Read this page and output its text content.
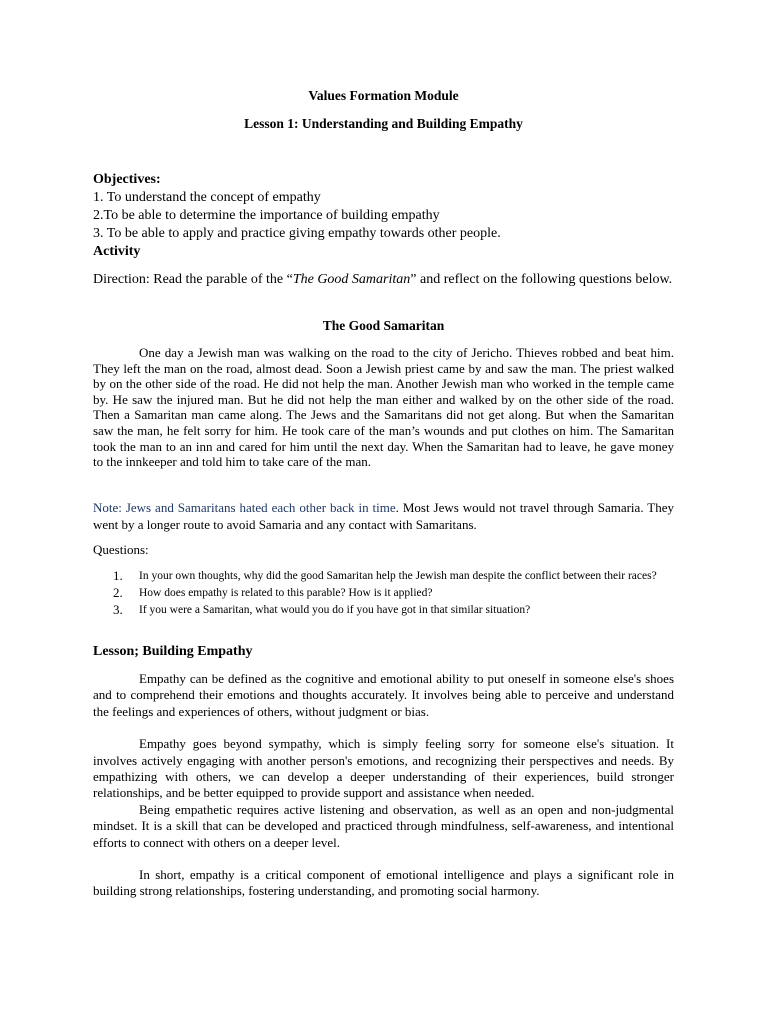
Values Formation Module
Lesson 1: Understanding and Building Empathy
Objectives:
1. To understand the concept of empathy
2.To be able to determine the importance of building empathy
3. To be able to apply and practice giving empathy towards other people.
Activity
Direction: Read the parable of the “The Good Samaritan” and reflect on the following questions below.
The Good Samaritan
One day a Jewish man was walking on the road to the city of Jericho. Thieves robbed and beat him. They left the man on the road, almost dead. Soon a Jewish priest came by and saw the man. The priest walked by on the other side of the road. He did not help the man. Another Jewish man who worked in the temple came by. He saw the injured man. But he did not help the man either and walked by on the other side of the road. Then a Samaritan man came along. The Jews and the Samaritans did not get along. But when the Samaritan saw the man, he felt sorry for him. He took care of the man’s wounds and put clothes on him. The Samaritan took the man to an inn and cared for him until the next day. When the Samaritan had to leave, he gave money to the innkeeper and told him to take care of the man.
Note: Jews and Samaritans hated each other back in time. Most Jews would not travel through Samaria. They went by a longer route to avoid Samaria and any contact with Samaritans.
Questions:
1. In your own thoughts, why did the good Samaritan help the Jewish man despite the conflict between their races?
2. How does empathy is related to this parable? How is it applied?
3. If you were a Samaritan, what would you do if you have got in that similar situation?
Lesson; Building Empathy

Empathy can be defined as the cognitive and emotional ability to put oneself in someone else's shoes and to comprehend their emotions and thoughts accurately. It involves being able to perceive and understand the feelings and experiences of others, without judgment or bias.

Empathy goes beyond sympathy, which is simply feeling sorry for someone else's situation. It involves actively engaging with another person's emotions, and recognizing their perspectives and needs. By empathizing with others, we can develop a deeper understanding of their experiences, build stronger relationships, and be better equipped to provide support and assistance when needed.

Being empathetic requires active listening and observation, as well as an open and non-judgmental mindset. It is a skill that can be developed and practiced through mindfulness, self-awareness, and intentional efforts to connect with others on a deeper level.

In short, empathy is a critical component of emotional intelligence and plays a significant role in building strong relationships, fostering understanding, and promoting social harmony.
